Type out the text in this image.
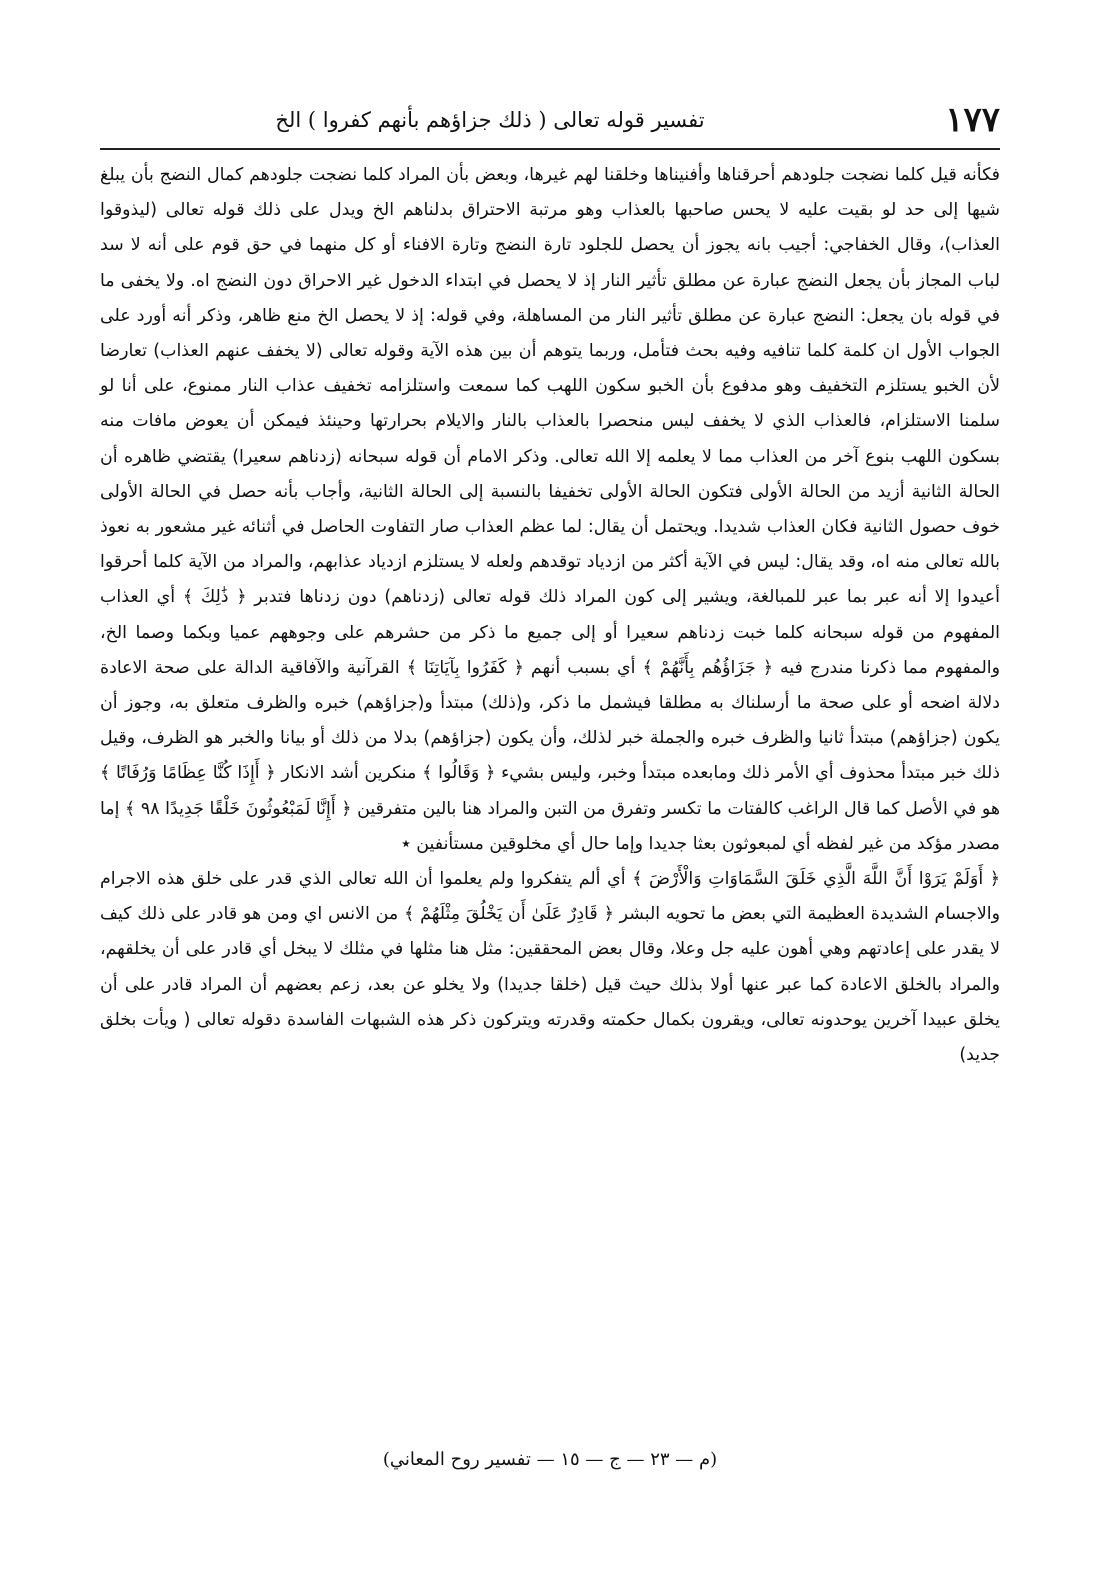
١٧٧
تفسير قوله تعالى ( ذلك جزاؤهم بأنهم كفروا ) الخ

فكأنه قيل كلما نضجت جلودهم أحرقناها وأفنيناها وخلقنا لهم غيرها، وبعض بأن المراد كلما نضجت جلودهم كمال النضج بأن يبلغ شيها إلى حد لو بقيت عليه لا يحس صاحبها بالعذاب وهو مرتبة الاحتراق بدلناهم الخ ويدل على ذلك قوله تعالى (ليذوقوا العذاب)، وقال الخفاجي: أجيب بانه يجوز أن يحصل للجلود تارة النضج وتارة الافناء أو كل منهما في حق قوم على أنه لا سد لباب المجاز بأن يجعل النضج عبارة عن مطلق تأثير النار إذ لا يحصل في ابتداء الدخول غير الاحراق دون النضج اه. ولا يخفى ما في قوله بان يجعل: النضج عبارة عن مطلق تأثير النار من المساهلة، وفي قوله: إذ لا يحصل الخ منع ظاهر، وذكر أنه أورد على الجواب الأول ان كلمة كلما تنافيه وفيه بحث فتأمل، وربما يتوهم أن بين هذه الآية وقوله تعالى (لا يخفف عنهم العذاب) تعارضا لأن الخبو يستلزم التخفيف وهو مدفوع بأن الخبو سكون اللهب كما سمعت واستلزامه تخفيف عذاب النار ممنوع، على أنا لو سلمنا الاستلزام، فالعذاب الذي لا يخفف ليس منحصرا بالعذاب بالنار والايلام بحرارتها وحينئذ فيمكن أن يعوض مافات منه بسكون اللهب بنوع آخر من العذاب مما لا يعلمه إلا الله تعالى. وذكر الامام أن قوله سبحانه (زدناهم سعيرا) يقتضي ظاهره أن الحالة الثانية أزيد من الحالة الأولى فتكون الحالة الأولى تخفيفا بالنسبة إلى الحالة الثانية، وأجاب بأنه حصل في الحالة الأولى خوف حصول الثانية فكان العذاب شديدا. ويحتمل أن يقال: لما عظم العذاب صار التفاوت الحاصل في أثنائه غير مشعور به نعوذ بالله تعالى منه اه، وقد يقال: ليس في الآية أكثر من ازدياد توقدهم ولعله لا يستلزم ازدياد عذابهم، والمراد من الآية كلما أحرقوا أعيدوا إلا أنه عبر بما عبر للمبالغة، ويشير إلى كون المراد ذلك قوله تعالى (زدناهم) دون زدناها فتدبر ﴿ ذَٰلِكَ ﴾ أي العذاب المفهوم من قوله سبحانه كلما خبت زدناهم سعيرا أو إلى جميع ما ذكر من حشرهم على وجوههم عميا وبكما وصما الخ، والمفهوم مما ذكرنا مندرج فيه ﴿ جَزَاؤُهُم بِأَنَّهُمْ ﴾ أي بسبب أنهم ﴿ كَفَرُوا بِآيَاتِنَا ﴾ القرآنية والآفاقية الدالة على صحة الاعادة دلالة اضحه أو على صحة ما أرسلناك به مطلقا فيشمل ما ذكر، و(ذلك) مبتدأ و(جزاؤهم) خبره والظرف متعلق به، وجوز أن يكون (جزاؤهم) مبتدأ ثانيا والظرف خبره والجملة خبر لذلك، وأن يكون (جزاؤهم) بدلا من ذلك أو بيانا والخبر هو الظرف، وقيل ذلك خبر مبتدأ محذوف أي الأمر ذلك ومابعده مبتدأ وخبر، وليس بشيء ﴿ وَقَالُوا ﴾ منكرين أشد الانكار ﴿ أَإِذَا كُنَّا عِظَامًا وَرُفَاتًا ﴾ هو في الأصل كما قال الراغب كالفتات ما تكسر وتفرق من التبن والمراد هنا بالين متفرقين ﴿ أَإِنَّا لَمَبْعُوثُونَ خَلْقًا جَدِيدًا ٩٨ ﴾ إما مصدر مؤكد من غير لفظه أي لمبعوثون بعثا جديدا وإما حال أي مخلوقين مستأنفين ٭

﴿ أَوَلَمْ يَرَوْا أَنَّ اللَّهَ الَّذِي خَلَقَ السَّمَاوَاتِ وَالْأَرْضَ ﴾ أي ألم يتفكروا ولم يعلموا أن الله تعالى الذي قدر على خلق هذه الاجرام والاجسام الشديدة العظيمة التي بعض ما تحويه البشر ﴿ قَادِرٌ عَلَىٰ أَن يَخْلُقَ مِثْلَهُمْ ﴾ من الانس اي ومن هو قادر على ذلك كيف لا يقدر على إعادتهم وهي أهون عليه جل وعلا، وقال بعض المحققين: مثل هنا مثلها في مثلك لا يبخل أي قادر على أن يخلقهم، والمراد بالخلق الاعادة كما عبر عنها أولا بذلك حيث قيل (خلقا جديدا) ولا يخلو عن بعد، زعم بعضهم أن المراد قادر على أن يخلق عبيدا آخرين يوحدونه تعالى، ويقرون بكمال حكمته وقدرته ويتركون ذكر هذه الشبهات الفاسدة دقوله تعالى ( ويأت بخلق جديد)

(م — ٢٣ — ج — ١٥ — تفسير روح المعاني)
